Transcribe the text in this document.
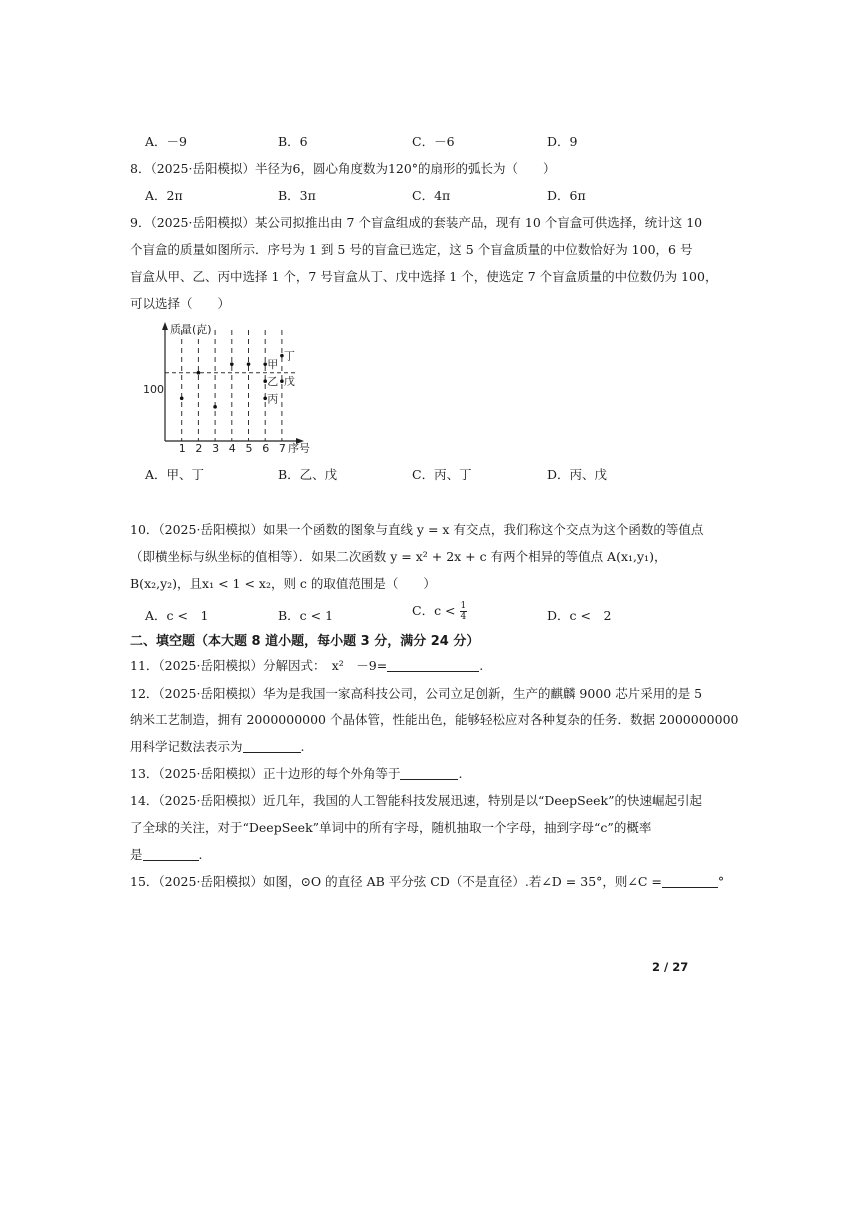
A．－9	B．6	C．－6	D．9
8．（2025·岳阳模拟）半径为6，圆心角度数为120°的扇形的弧长为（　　）
A．2π	B．3π	C．4π	D．6π
9．（2025·岳阳模拟）某公司拟推出由 7 个盲盒组成的套装产品，现有 10 个盲盒可供选择，统计这 10
个盲盒的质量如图所示．序号为 1 到 5 号的盲盒已选定，这 5 个盲盒质量的中位数恰好为 100，6 号
盲盒从甲、乙、丙中选择 1 个，7 号盲盒从丁、戊中选择 1 个，使选定 7 个盲盒质量的中位数仍为 100，
可以选择（　　）
质量(克)
序号
100
1 2 3 4 5 6 7
甲
乙
丙
丁
戊
A．甲、丁	B．乙、戊	C．丙、丁	D．丙、戊
10．（2025·岳阳模拟）如果一个函数的图象与直线 y = x 有交点，我们称这个交点为这个函数的等值点
（即横坐标与纵坐标的值相等）．如果二次函数 y = x² + 2x + c 有两个相异的等值点 A(x₁,y₁)，
B(x₂,y₂)，且x₁ < 1 < x₂，则 c 的取值范围是（　　）
A．c <　1	B．c < 1	C．$c < \frac{1}{4}$	D．c <　2
二、填空题（本大题 8 道小题，每小题 3 分，满分 24 分）
11．（2025·岳阳模拟）分解因式：　x²　－9=	.
12．（2025·岳阳模拟）华为是我国一家高科技公司，公司立足创新，生产的麒麟 9000 芯片采用的是 5
纳米工艺制造，拥有 2000000000 个晶体管，性能出色，能够轻松应对各种复杂的任务．数据 2000000000
用科学记数法表示为	.
13．（2025·岳阳模拟）正十边形的每个外角等于	.
14．（2025·岳阳模拟）近几年，我国的人工智能科技发展迅速，特别是以“DeepSeek”的快速崛起引起
了全球的关注，对于“DeepSeek”单词中的所有字母，随机抽取一个字母，抽到字母“c”的概率
是	.
15．（2025·岳阳模拟）如图，⊙O 的直径 AB 平分弦 CD（不是直径）.若∠D = 35°，则∠C =	°
2 / 27
